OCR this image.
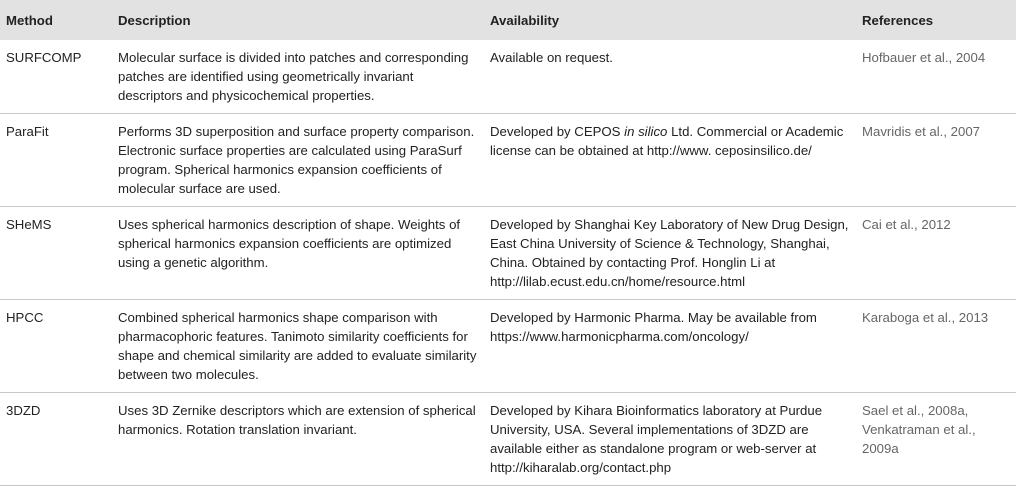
Method	Description	Availability	References
SURFCOMP	Molecular surface is divided into patches and corresponding patches are identified using geometrically invariant descriptors and physicochemical properties.	Available on request.	Hofbauer et al., 2004
ParaFit	Performs 3D superposition and surface property comparison. Electronic surface properties are calculated using ParaSurf program. Spherical harmonics expansion coefficients of molecular surface are used.	Developed by CEPOS in silico Ltd. Commercial or Academic license can be obtained at http://www. ceposinsilico.de/	Mavridis et al., 2007
SHeMS	Uses spherical harmonics description of shape. Weights of spherical harmonics expansion coefficients are optimized using a genetic algorithm.	Developed by Shanghai Key Laboratory of New Drug Design, East China University of Science & Technology, Shanghai, China. Obtained by contacting Prof. Honglin Li at http://lilab.ecust.edu.cn/home/resource.html	Cai et al., 2012
HPCC	Combined spherical harmonics shape comparison with pharmacophoric features. Tanimoto similarity coefficients for shape and chemical similarity are added to evaluate similarity between two molecules.	Developed by Harmonic Pharma. May be available from https://www.harmonicpharma.com/oncology/	Karaboga et al., 2013
3DZD	Uses 3D Zernike descriptors which are extension of spherical harmonics. Rotation translation invariant.	Developed by Kihara Bioinformatics laboratory at Purdue University, USA. Several implementations of 3DZD are available either as standalone program or web-server at http://kiharalab.org/contact.php	Sael et al., 2008a, Venkatraman et al., 2009a
